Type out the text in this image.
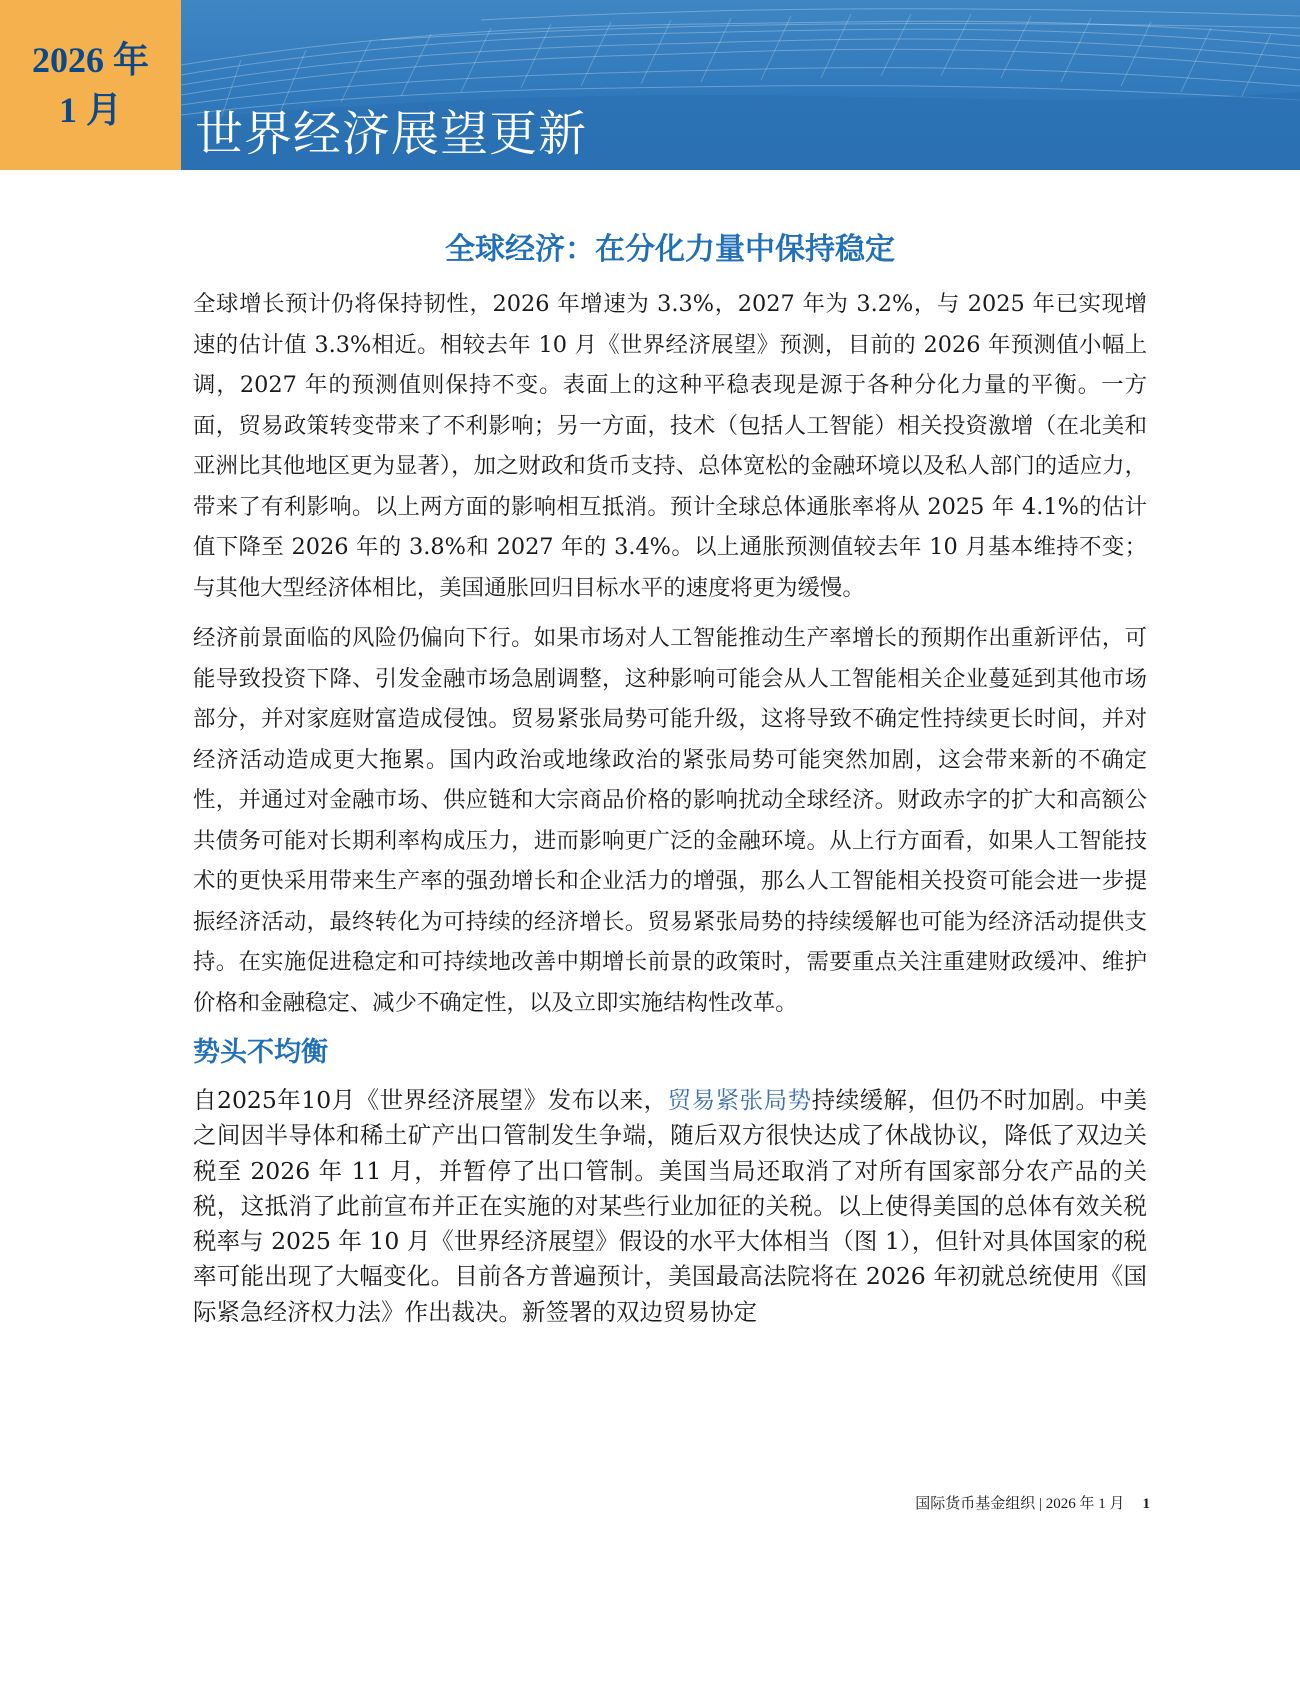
2026 年
1 月 世界经济展望更新
全球经济：在分化力量中保持稳定

全球增长预计仍将保持韧性，2026 年增速为 3.3%，2027 年为 3.2%，与 2025 年已实现增速的估计值 3.3%相近。相较去年 10 月《世界经济展望》预测，目前的 2026 年预测值小幅上调，2027 年的预测值则保持不变。表面上的这种平稳表现是源于各种分化力量的平衡。一方面，贸易政策转变带来了不利影响；另一方面，技术（包括人工智能）相关投资激增（在北美和亚洲比其他地区更为显著），加之财政和货币支持、总体宽松的金融环境以及私人部门的适应力，带来了有利影响。以上两方面的影响相互抵消。预计全球总体通胀率将从 2025 年 4.1%的估计值下降至 2026 年的 3.8%和 2027 年的 3.4%。以上通胀预测值较去年 10 月基本维持不变；与其他大型经济体相比，美国通胀回归目标水平的速度将更为缓慢。

经济前景面临的风险仍偏向下行。如果市场对人工智能推动生产率增长的预期作出重新评估，可能导致投资下降、引发金融市场急剧调整，这种影响可能会从人工智能相关企业蔓延到其他市场部分，并对家庭财富造成侵蚀。贸易紧张局势可能升级，这将导致不确定性持续更长时间，并对经济活动造成更大拖累。国内政治或地缘政治的紧张局势可能突然加剧，这会带来新的不确定性，并通过对金融市场、供应链和大宗商品价格的影响扰动全球经济。财政赤字的扩大和高额公共债务可能对长期利率构成压力，进而影响更广泛的金融环境。从上行方面看，如果人工智能技术的更快采用带来生产率的强劲增长和企业活力的增强，那么人工智能相关投资可能会进一步提振经济活动，最终转化为可持续的经济增长。贸易紧张局势的持续缓解也可能为经济活动提供支持。在实施促进稳定和可持续地改善中期增长前景的政策时，需要重点关注重建财政缓冲、维护价格和金融稳定、减少不确定性，以及立即实施结构性改革。

势头不均衡

自2025年10月《世界经济展望》发布以来，贸易紧张局势持续缓解，但仍不时加剧。中美之间因半导体和稀土矿产出口管制发生争端，随后双方很快达成了休战协议，降低了双边关税至 2026 年 11 月，并暂停了出口管制。美国当局还取消了对所有国家部分农产品的关税，这抵消了此前宣布并正在实施的对某些行业加征的关税。以上使得美国的总体有效关税税率与 2025 年 10 月《世界经济展望》假设的水平大体相当（图 1），但针对具体国家的税率可能出现了大幅变化。目前各方普遍预计，美国最高法院将在 2026 年初就总统使用《国际紧急经济权力法》作出裁决。新签署的双边贸易协定

国际货币基金组织 | 2026 年 1 月 1
